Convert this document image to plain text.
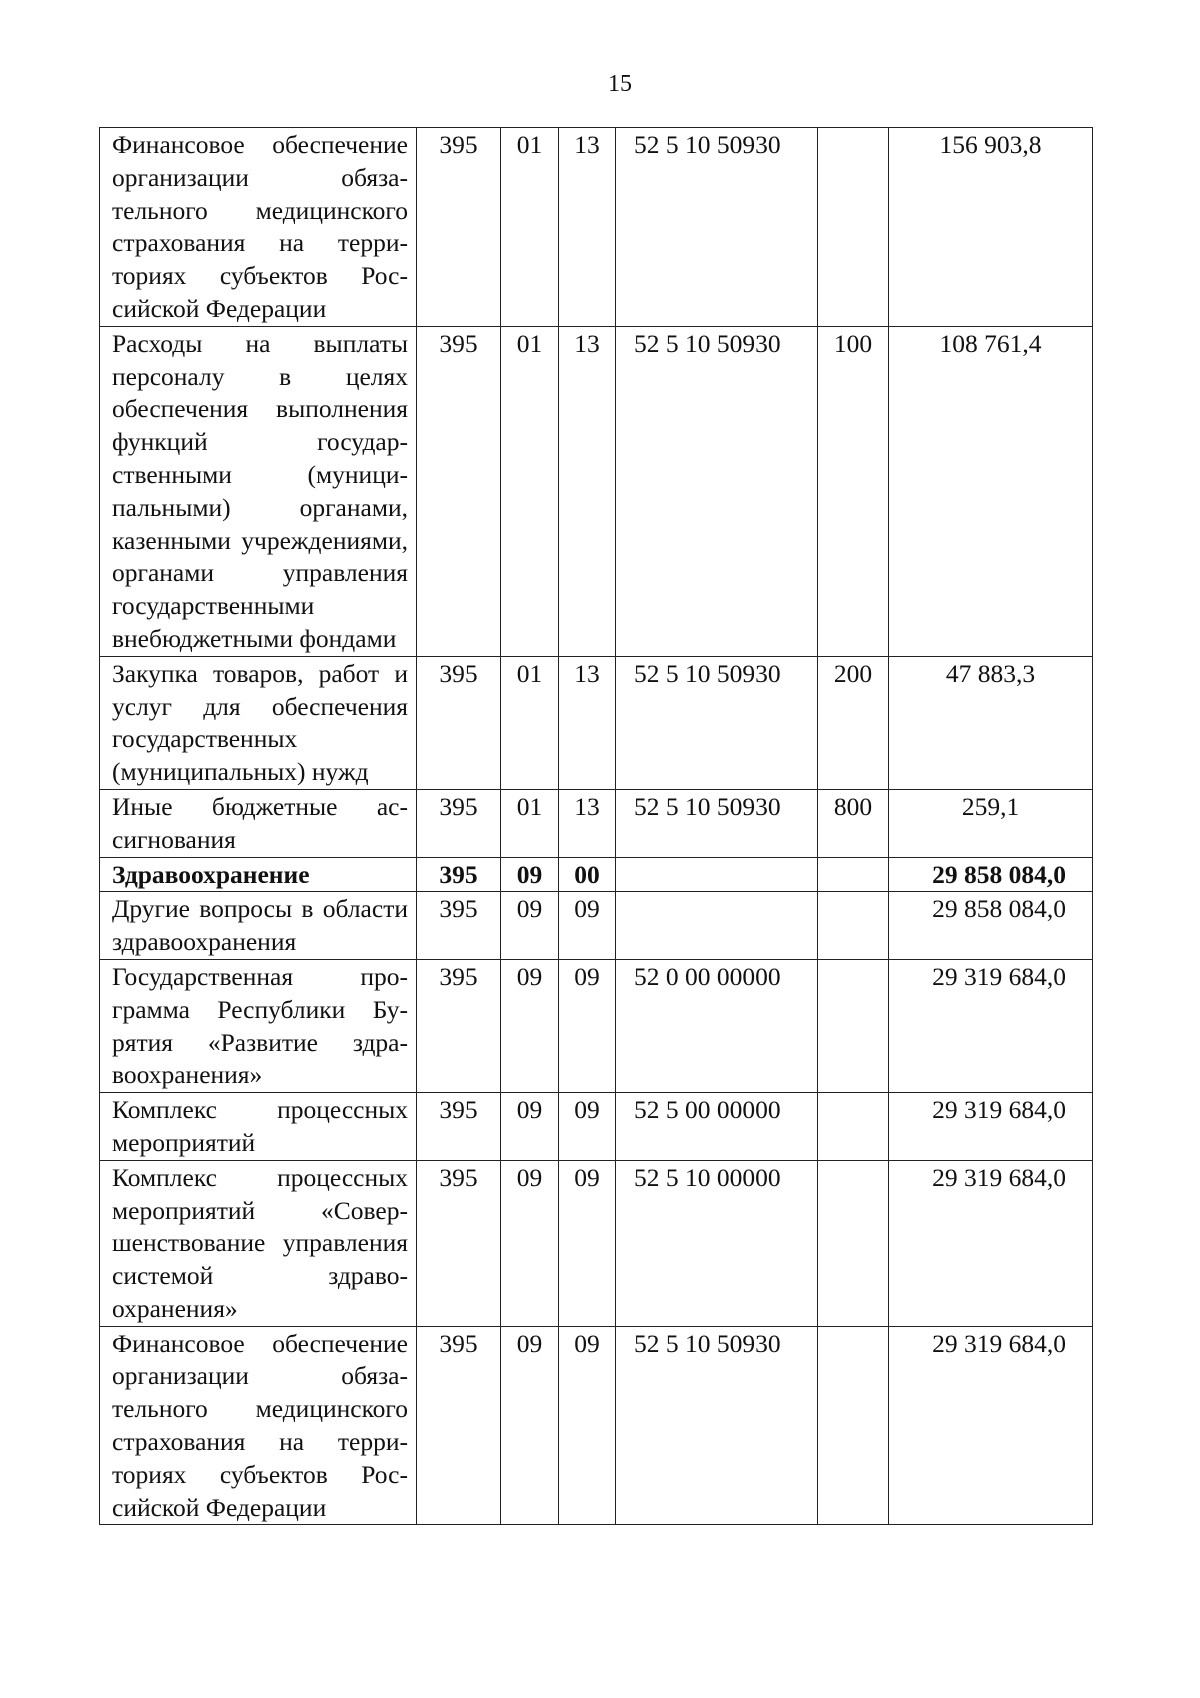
15
Финансовое обеспечение организации обязательного медицинского страхования на территориях субъектов Российской Федерации	395	01	13	52 5 10 50930		156 903,8
Расходы на выплаты персоналу в целях обеспечения выполнения функций государственными (муниципальными) органами, казенными учреждениями, органами управления государственными внебюджетными фондами	395	01	13	52 5 10 50930	100	108 761,4
Закупка товаров, работ и услуг для обеспечения государственных (муниципальных) нужд	395	01	13	52 5 10 50930	200	47 883,3
Иные бюджетные ассигнования	395	01	13	52 5 10 50930	800	259,1
Здравоохранение	395	09	00			29 858 084,0
Другие вопросы в области здравоохранения	395	09	09			29 858 084,0
Государственная программа Республики Бурятия «Развитие здравоохранения»	395	09	09	52 0 00 00000		29 319 684,0
Комплекс процессных мероприятий	395	09	09	52 5 00 00000		29 319 684,0
Комплекс процессных мероприятий «Совершенствование управления системой здравоохранения»	395	09	09	52 5 10 00000		29 319 684,0
Финансовое обеспечение организации обязательного медицинского страхования на территориях субъектов Российской Федерации	395	09	09	52 5 10 50930		29 319 684,0
